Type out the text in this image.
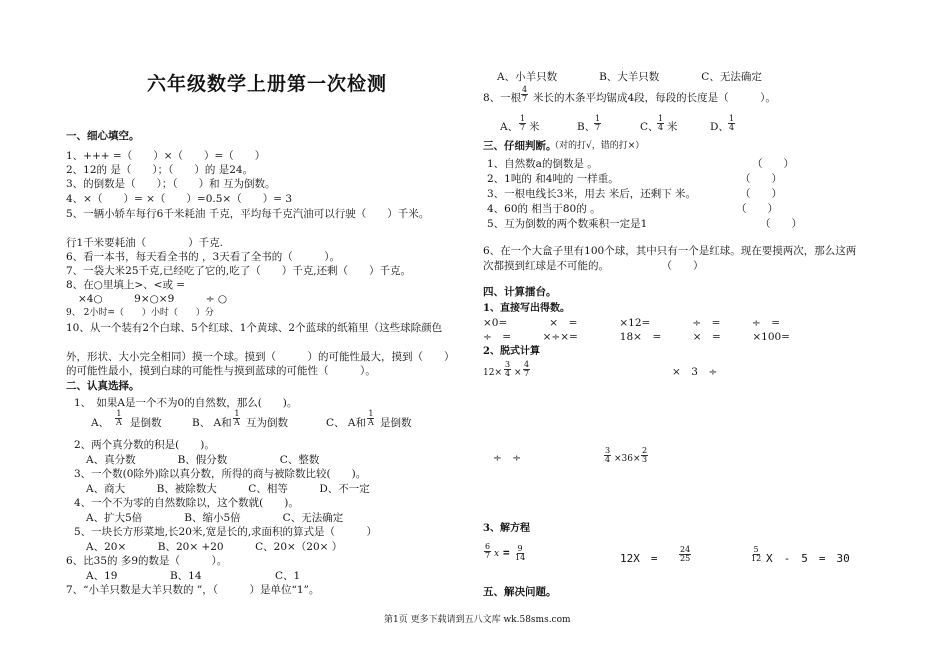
六年级数学上册第一次检测
一、细心填空。
1、+++ =（　　）×（　　）=（　　）
2、12的 是（　　）；（　　）的 是24。
3、的倒数是（　　）；（　　）和 互为倒数。
4、×（　　）= ×（　　）=0.5×（　　）= 3
5、一辆小轿车每行6千米耗油 千克，平均每千克汽油可以行驶（　　）千米。
行1千米要耗油（　　　　）千克.
6、看一本书，每天看全书的 ，3天看了全书的（　　　）。
7、一袋大米25千克,已经吃了它的,吃了（　　）千克,还剩（　　）千克。
8、在○里填上>、<或 =
×4○　　　9×○×9　　　÷ ○
9、 2小时=（　　）小时（　　）分
10、从一个装有2个白球、5个红球、1个黄球、2个蓝球的纸箱里（这些球除颜色
外，形状、大小完全相同）摸一个球。摸到（　　　）的可能性最大，摸到（　　）
的可能性最小，摸到白球的可能性与摸到蓝球的可能性（　　　）。
二、认真选择。
1、　如果A是一个不为0的自然数，那么(　　)。
A、 $\frac{1}{A}$ 是倒数	B、 A和 $\frac{1}{A}$ 互为倒数	C、 A和 $\frac{1}{A}$ 是倒数
2、两个真分数的积是(　　)。
A、真分数　　　　B、假分数　　　　　C、整数
3、一个数(0除外)除以真分数，所得的商与被除数比较(　　)。
A、商大　　　B、被除数大　　　C、相等　　　D、不一定
4、一个不为零的自然数除以，这个数就(　　)。
A、扩大5倍　　　　B、缩小5倍　　　　C、无法确定
5、一块长方形菜地,长20米,宽是长的,求面积的算式是（　　　）
A、20×　　　B、20× +20　　　C、20×（20× ）
6、比35的 多9的数是（　　　）。
A、19　　　　　B、14　　　　　　　C、1
7、“小羊只数是大羊只数的 ”，（　　　）是单位“1”。
A、小羊只数　　　　B、大羊只数　　　　C、无法确定
8、一根 $\frac{4}{7}$ 米长的木条平均锯成4段，每段的长度是（　　　）。
A、 $\frac{1}{7}$ 米	B、
$\frac{1}{7}$	C、
$\frac{1}{4}$ 米	D、 $\frac{1}{4}$
三、仔细判断。
（对的打√，错的打×）
1、自然数a的倒数是 。	（　　）
2、1吨的 和4吨的 一样重。	（　　）
3、一根电线长3米，用去 米后，还剩下 米。	（　　）
4、60的 相当于80的 。	（　　）
5、互为倒数的两个数乘积一定是1	（　　）
6、在一个大盒子里有100个球，其中只有一个是红球。现在要摸两次，那么这两
次都摸到红球是不可能的。　　　　　　（　　）
四、计算擂台。
1、直接写出得数。
×0=　　　　×　=　　　　×12=　　　　÷　=　　　÷　=
÷　=　　　×÷×=　　　　18×　=　　　×　=　　　×100=
2、脱式计算
$12\times \frac{3}{4} \times \frac{4}{7}$	×　3　÷
÷　÷	$\frac{3}{4} \times 36\times \frac{2}{3}$
3、解方程
$\frac{6}{7}$ $x = \frac{9}{14}$	12X　=	$\frac{24}{25}$	$\frac{5}{12}$ X　-　5　=　30
五、解决问题。
第1页 更多下载请到五八文库 wk.58sms.com
